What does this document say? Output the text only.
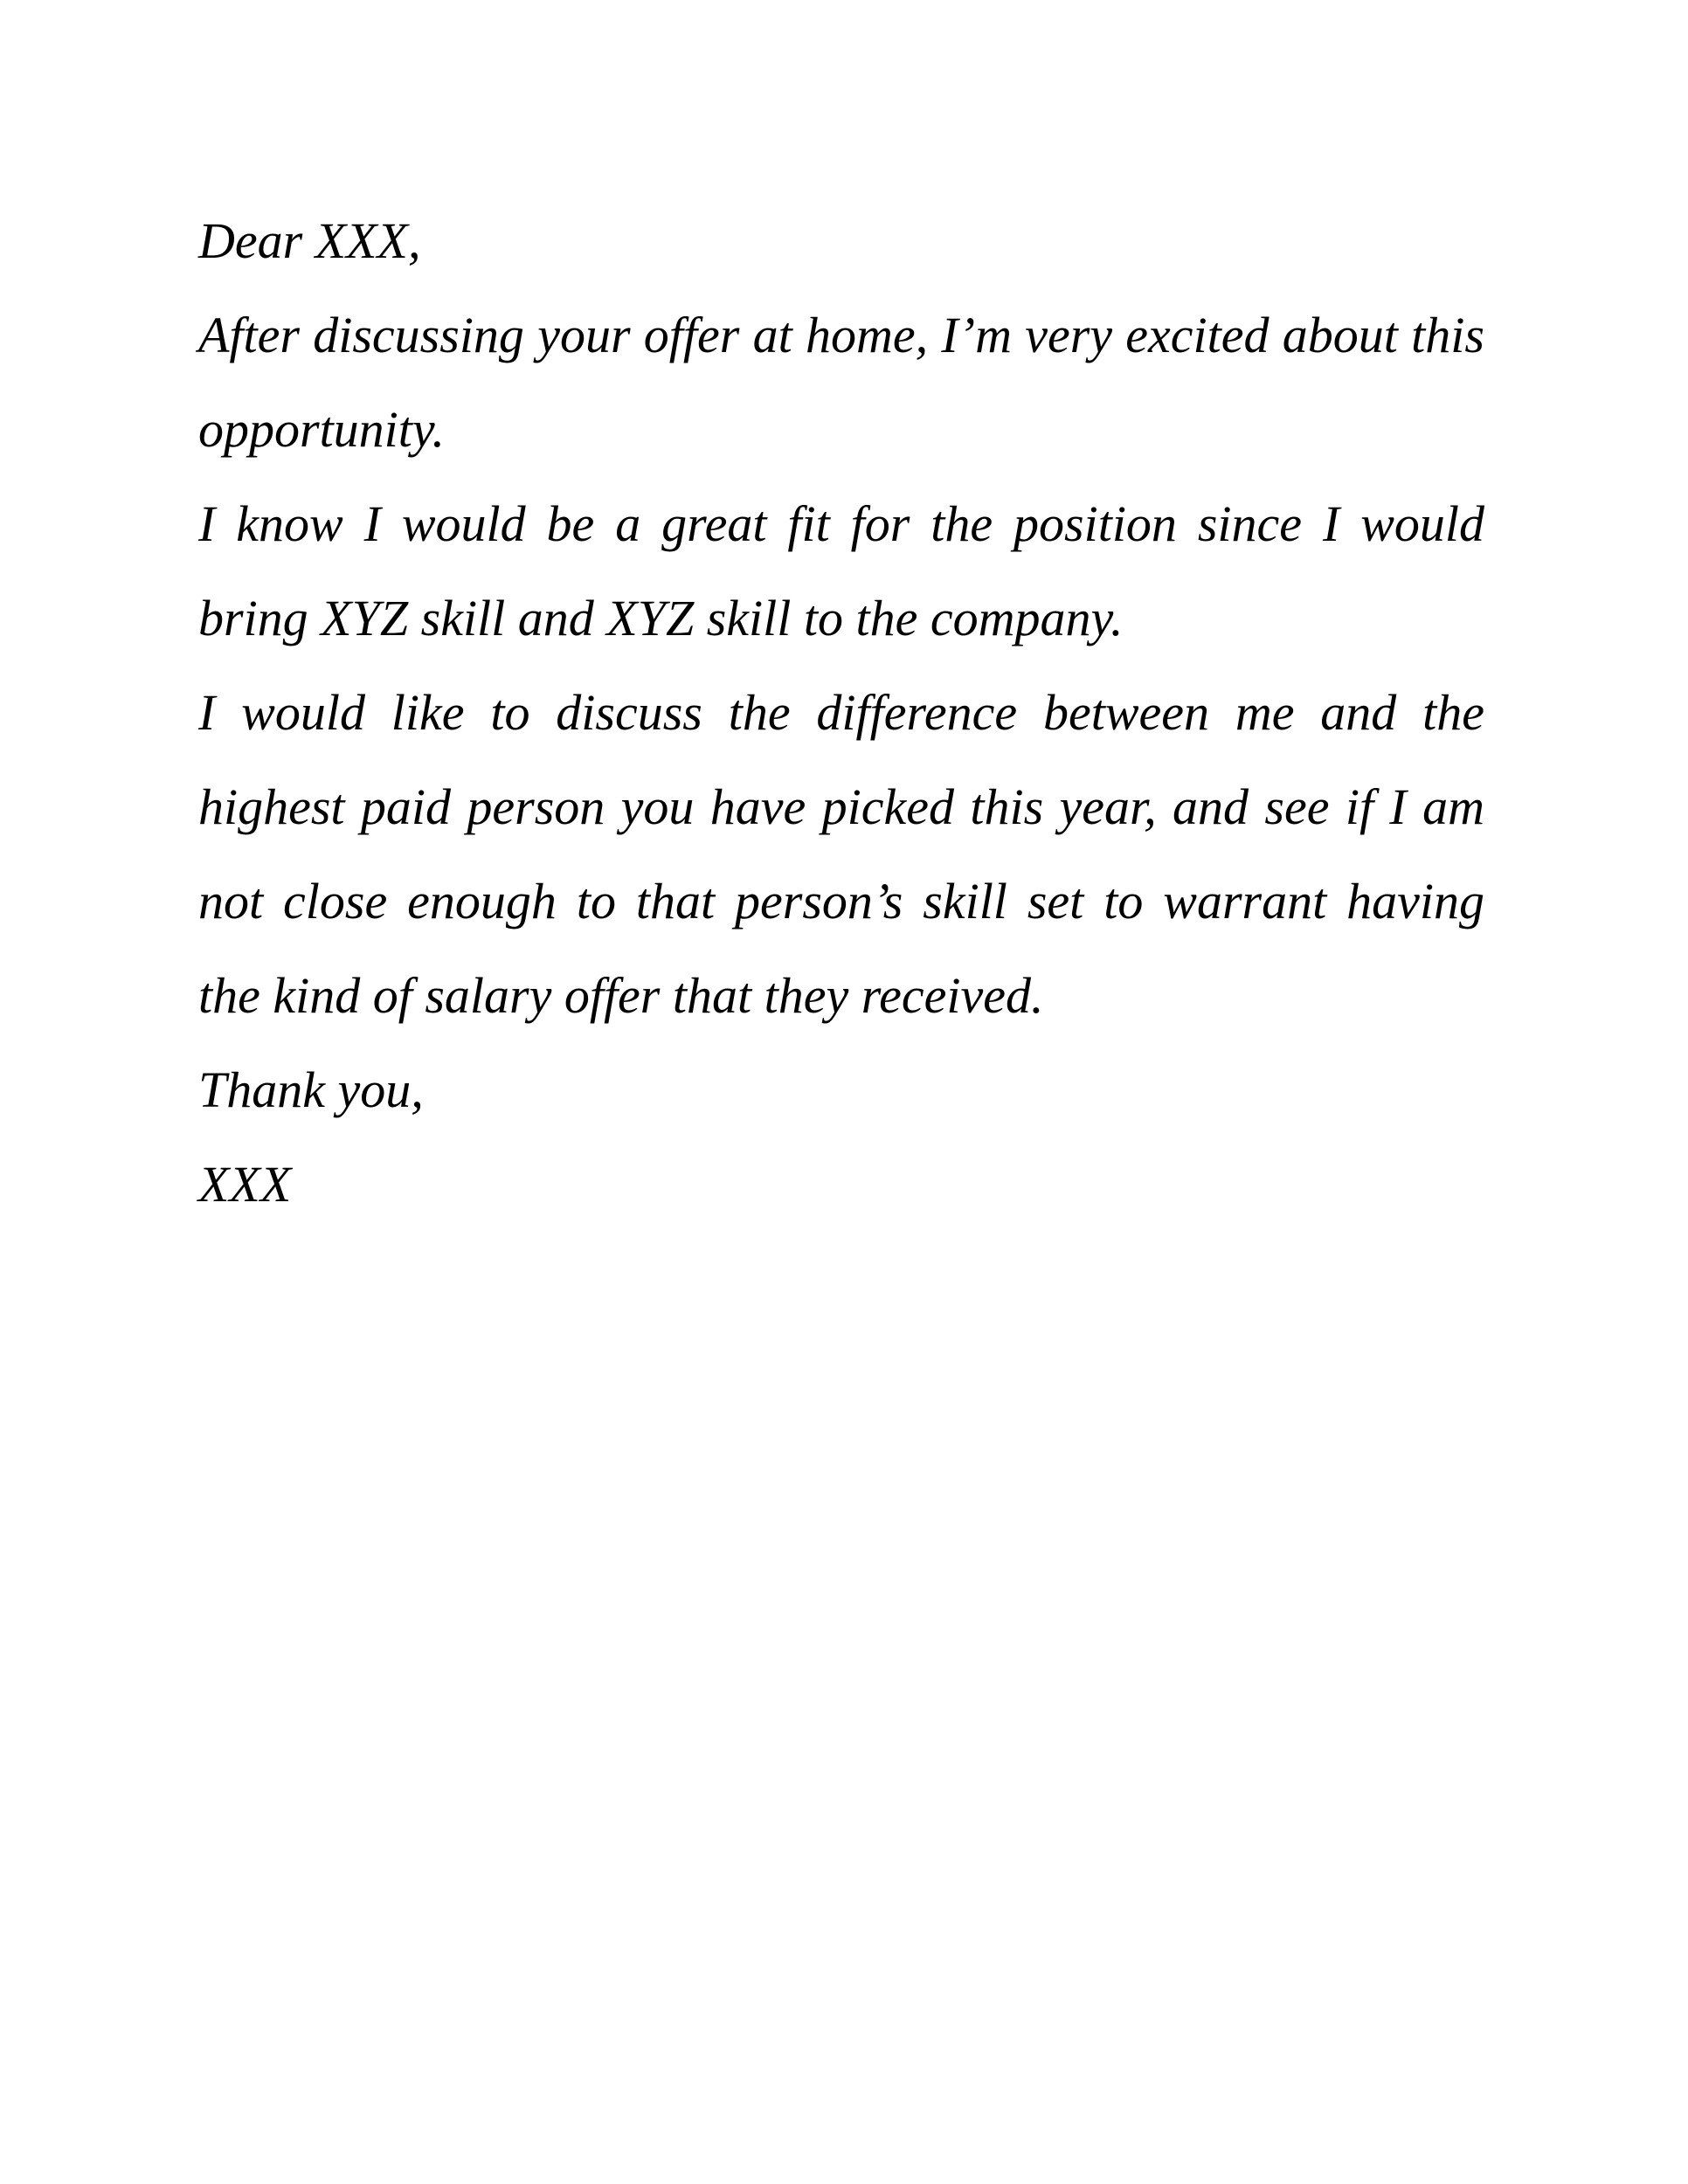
Dear XXX,

After discussing your offer at home, I’m very excited about this opportunity.

I know I would be a great fit for the position since I would bring XYZ skill and XYZ skill to the company.

I would like to discuss the difference between me and the highest paid person you have picked this year, and see if I am not close enough to that person’s skill set to warrant having the kind of salary offer that they received.

Thank you,

XXX
